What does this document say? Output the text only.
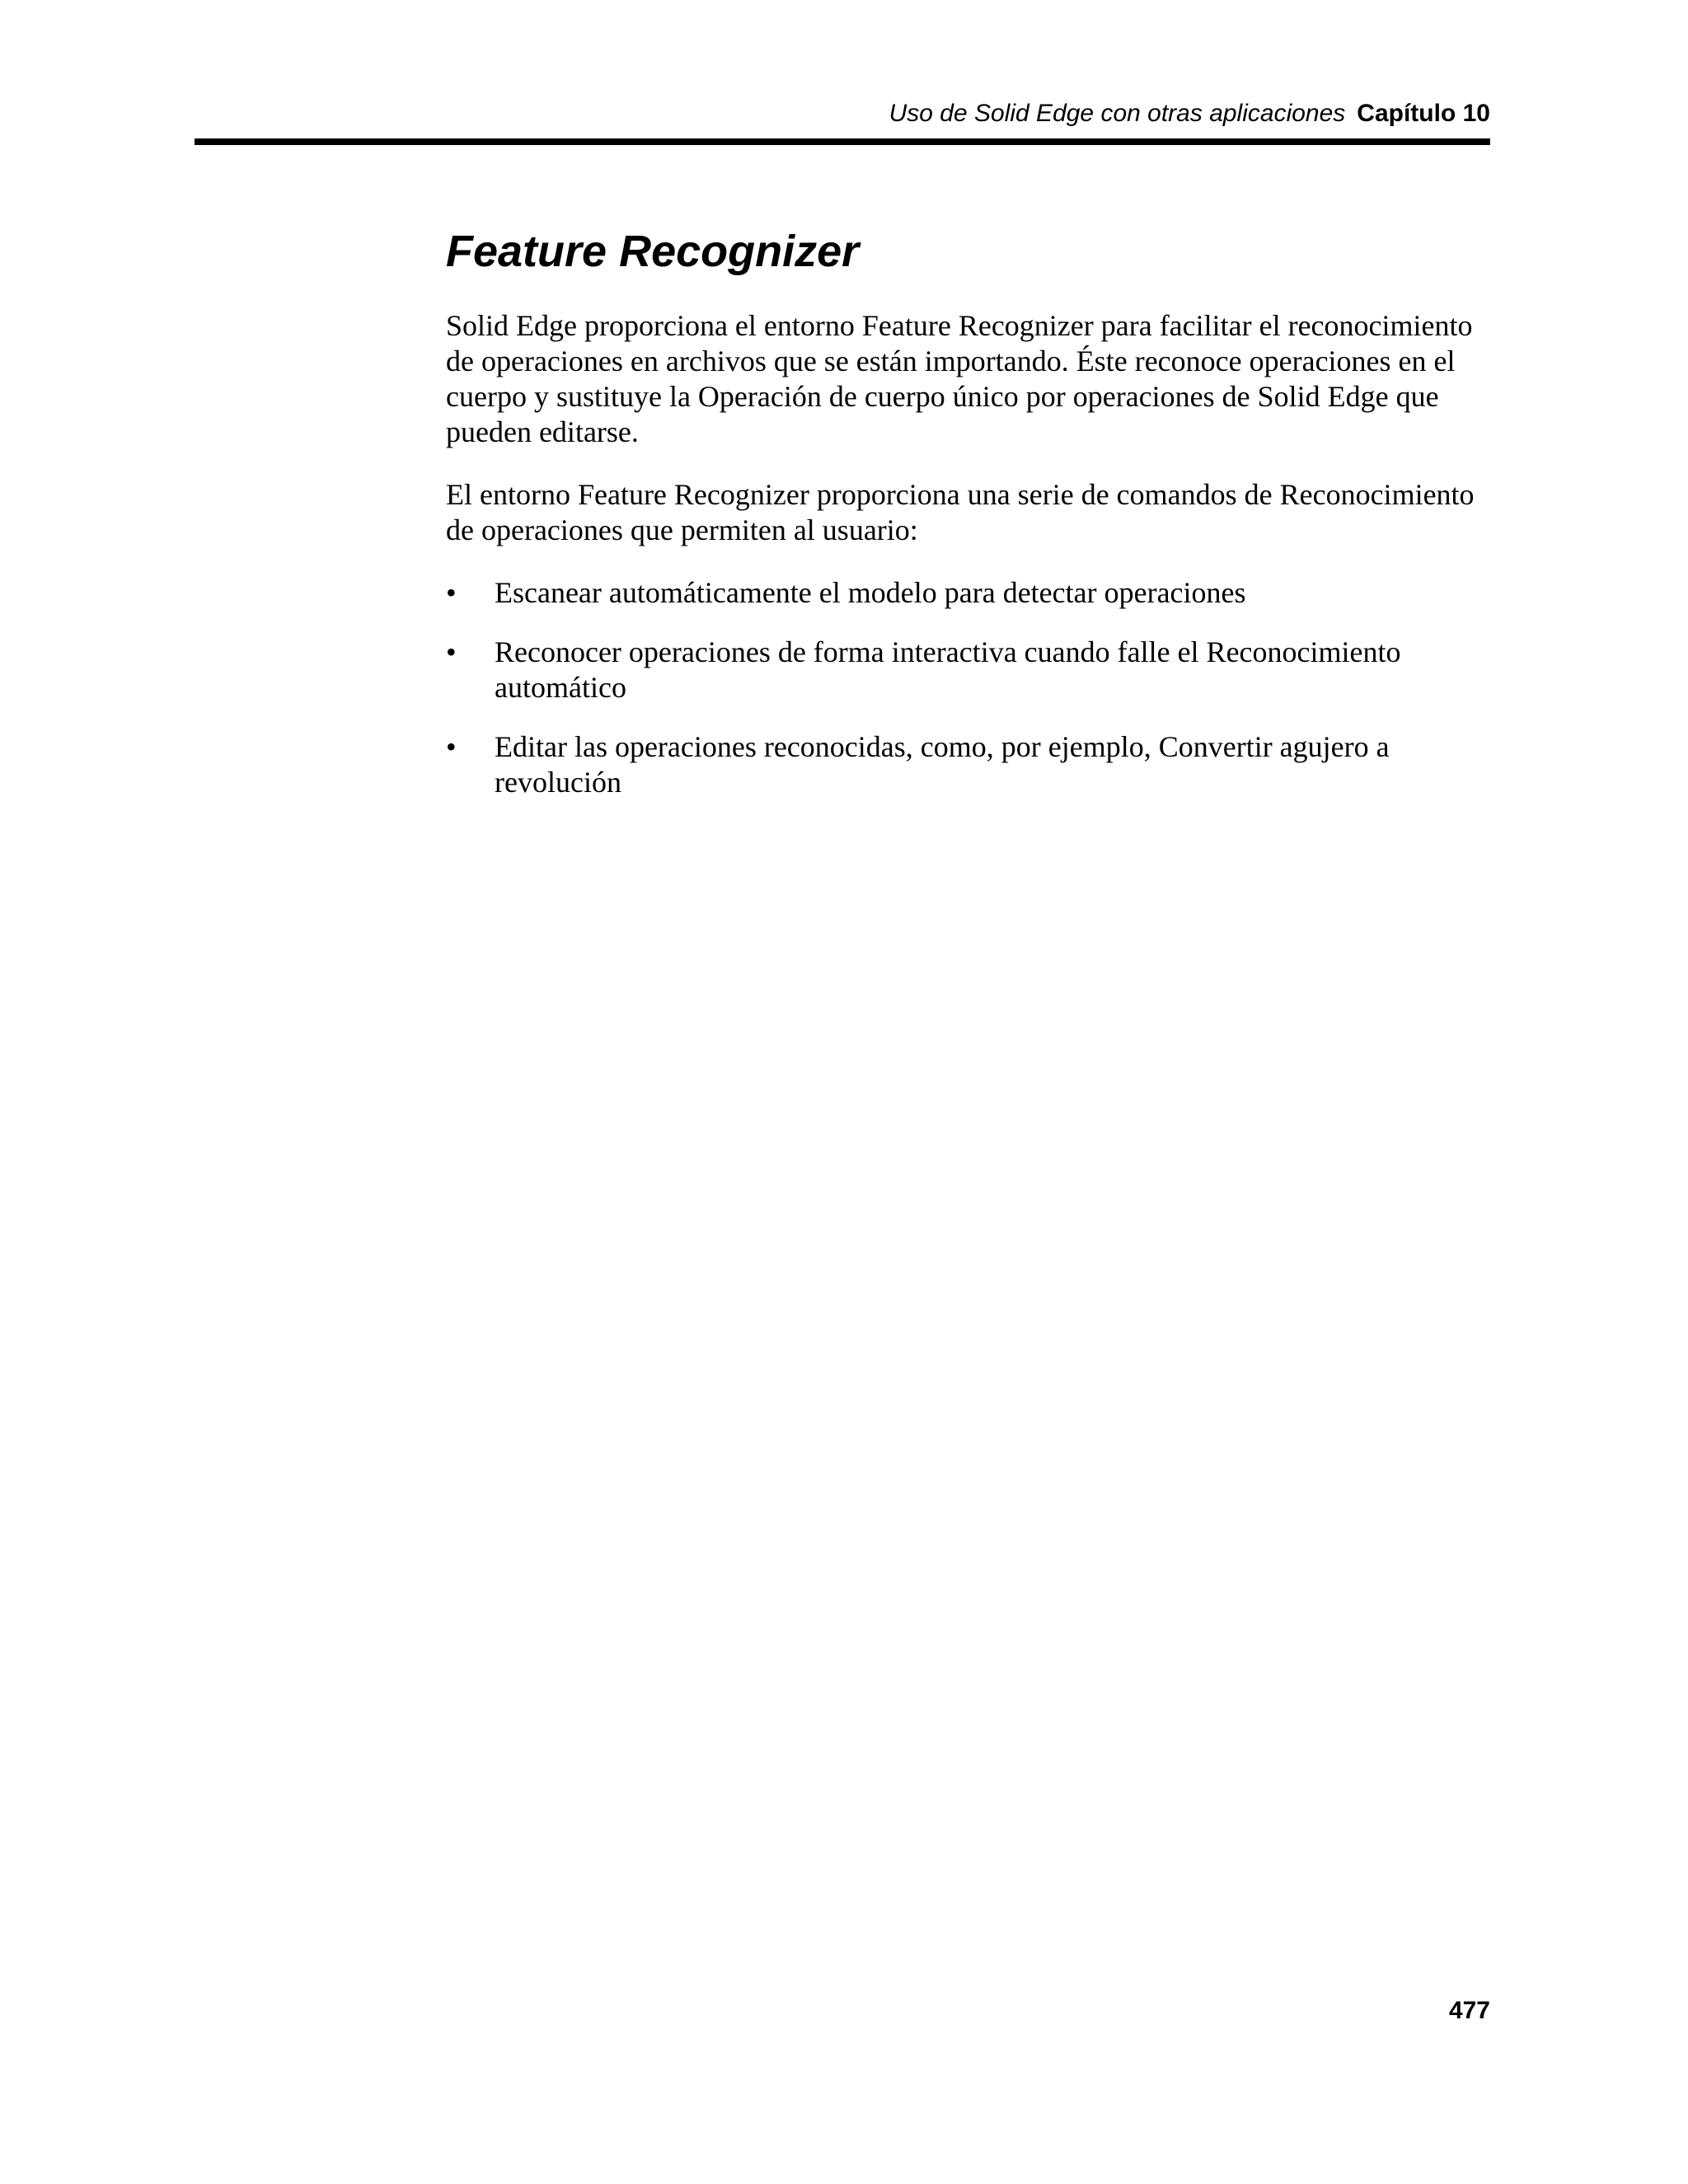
Uso de Solid Edge con otras aplicaciones Capítulo 10
Feature Recognizer

Solid Edge proporciona el entorno Feature Recognizer para facilitar el reconocimiento de operaciones en archivos que se están importando. Éste reconoce operaciones en el cuerpo y sustituye la Operación de cuerpo único por operaciones de Solid Edge que pueden editarse.

El entorno Feature Recognizer proporciona una serie de comandos de Reconocimiento de operaciones que permiten al usuario:

•	Escanear automáticamente el modelo para detectar operaciones
•	Reconocer operaciones de forma interactiva cuando falle el Reconocimiento automático
•	Editar las operaciones reconocidas, como, por ejemplo, Convertir agujero a revolución
477
